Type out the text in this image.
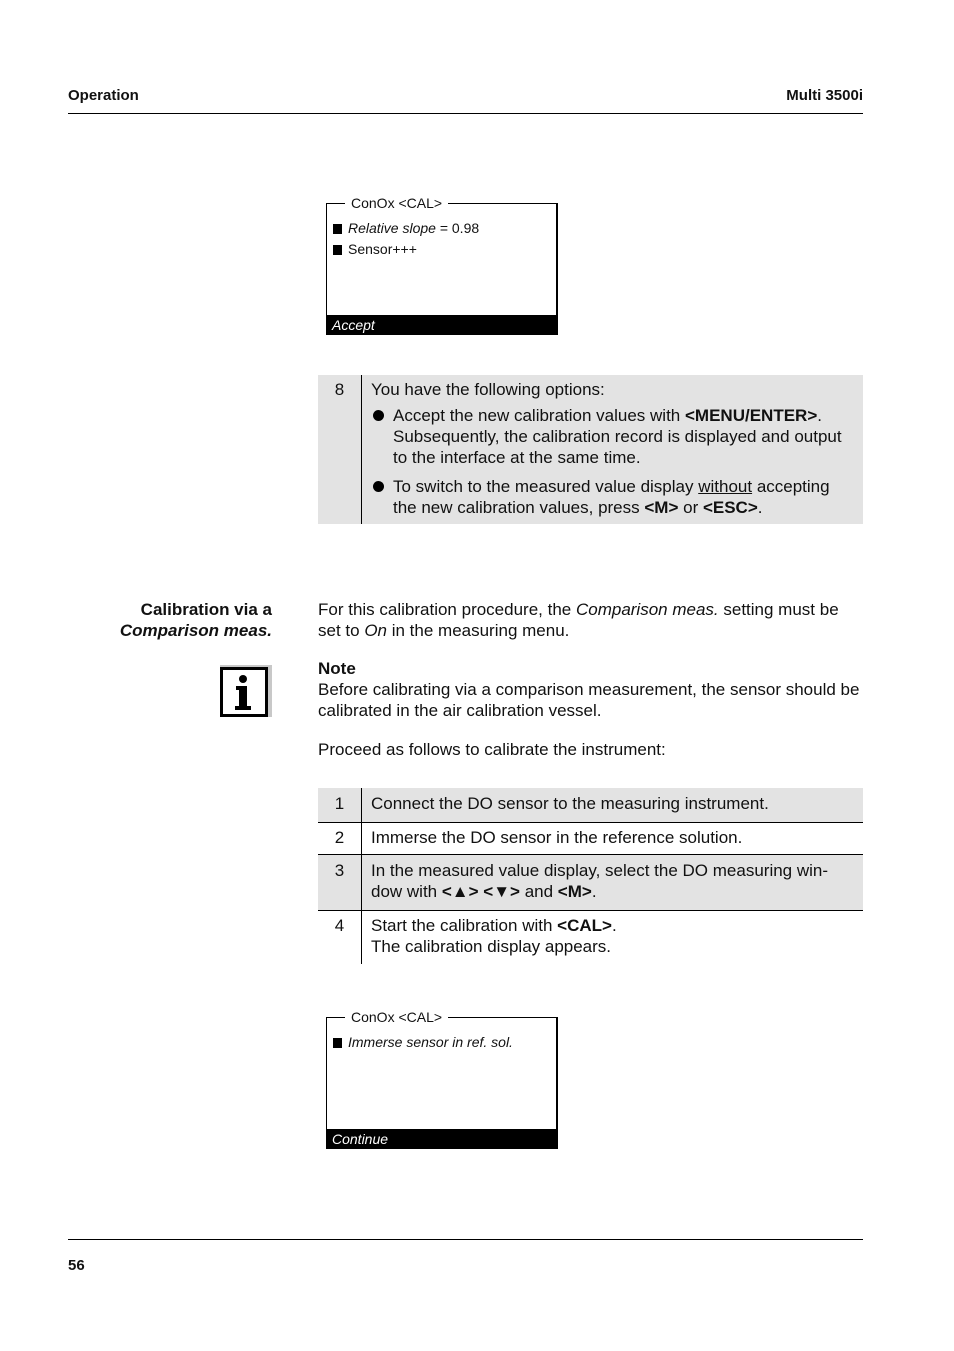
Operation	Multi 3500i
ConOx <CAL>
Relative slope = 0.98
Sensor+++
Accept
8	You have the following options:
Accept the new calibration values with <MENU/ENTER>. Subsequently, the calibration record is displayed and output to the interface at the same time.
To switch to the measured value display without accepting the new calibration values, press <M> or <ESC>.
Calibration via a
Comparison meas.
For this calibration procedure, the Comparison meas. setting must be set to On in the measuring menu.
Note
Before calibrating via a comparison measurement, the sensor should be calibrated in the air calibration vessel.
Proceed as follows to calibrate the instrument:
1	Connect the DO sensor to the measuring instrument.
2	Immerse the DO sensor in the reference solution.
3	In the measured value display, select the DO measuring win-dow with <▲> <▼> and <M>.
4	Start the calibration with <CAL>.
The calibration display appears.
ConOx <CAL>
Immerse sensor in ref. sol.
Continue
56
